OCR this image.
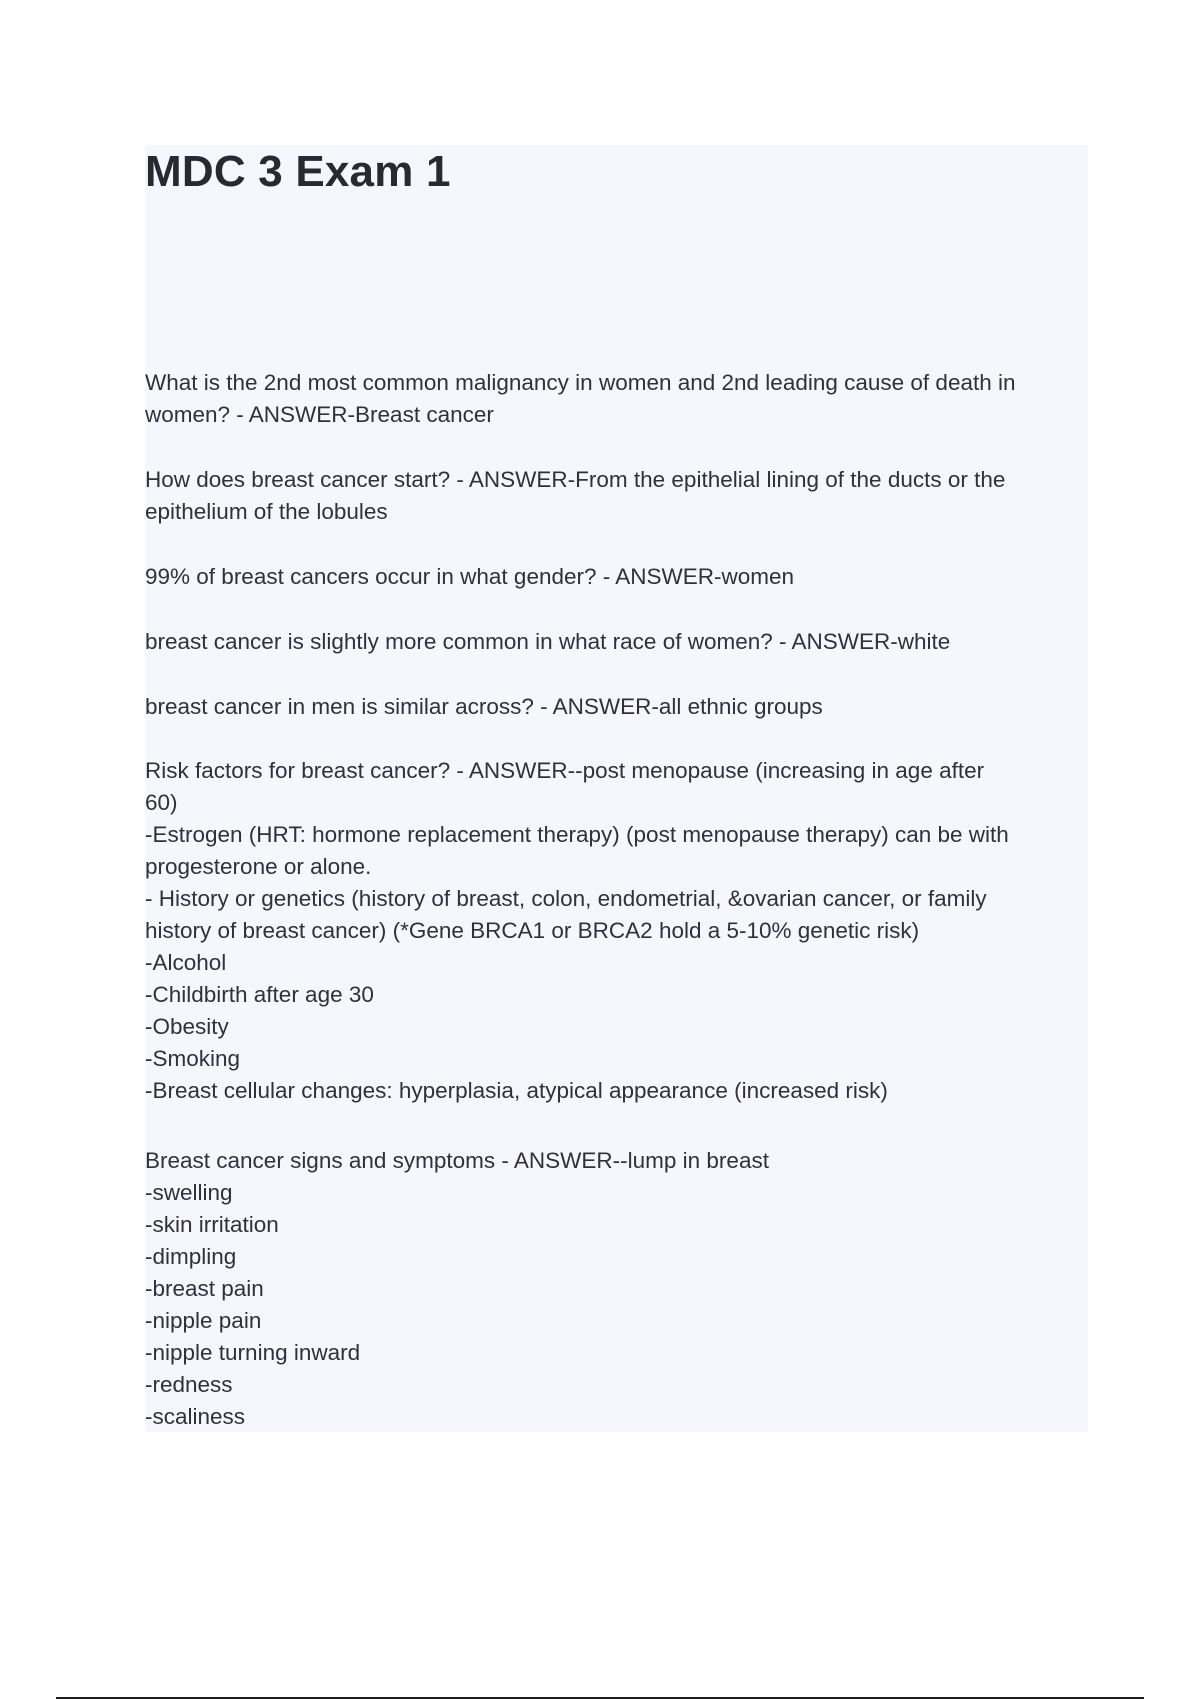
MDC 3 Exam 1
What is the 2nd most common malignancy in women and 2nd leading cause of death in
women? - ANSWER-Breast cancer
How does breast cancer start? - ANSWER-From the epithelial lining of the ducts or the
epithelium of the lobules
99% of breast cancers occur in what gender? - ANSWER-women
breast cancer is slightly more common in what race of women? - ANSWER-white
breast cancer in men is similar across? - ANSWER-all ethnic groups
Risk factors for breast cancer? - ANSWER--post menopause (increasing in age after
60)
-Estrogen (HRT: hormone replacement therapy) (post menopause therapy) can be with
progesterone or alone.
- History or genetics (history of breast, colon, endometrial, &ovarian cancer, or family
history of breast cancer) (*Gene BRCA1 or BRCA2 hold a 5-10% genetic risk)
-Alcohol
-Childbirth after age 30
-Obesity
-Smoking
-Breast cellular changes: hyperplasia, atypical appearance (increased risk)
Breast cancer signs and symptoms - ANSWER--lump in breast
-swelling
-skin irritation
-dimpling
-breast pain
-nipple pain
-nipple turning inward
-redness
-scaliness
